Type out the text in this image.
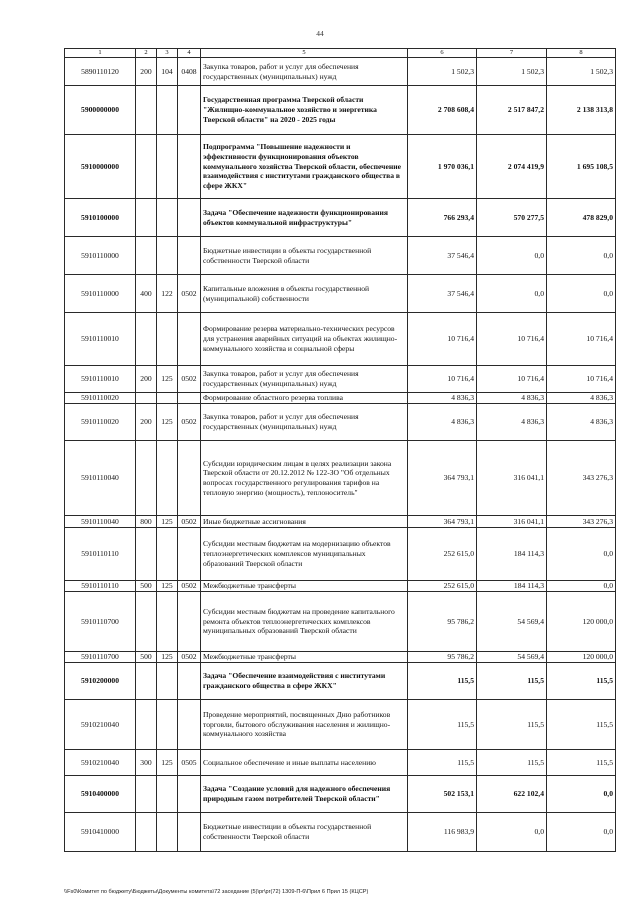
44
1	2	3	4	5	6	7	8
5890110120	200	104	0408	Закупка товаров, работ и услуг для обеспечения государственных (муниципальных) нужд	1 502,3	1 502,3	1 502,3
5900000000				Государственная программа Тверской области "Жилищно-коммунальное хозяйство и энергетика Тверской области" на 2020 - 2025 годы	2 708 608,4	2 517 847,2	2 138 313,8
5910000000				Подпрограмма "Повышение надежности и эффективности функционирования объектов коммунального хозяйства Тверской области, обеспечение взаимодействия с институтами гражданского общества в сфере ЖКХ"	1 970 036,1	2 074 419,9	1 695 108,5
5910100000				Задача "Обеспечение надежности функционирования объектов коммунальной инфраструктуры"	766 293,4	570 277,5	478 829,0
5910110000				Бюджетные инвестиции в объекты государственной собственности Тверской области	37 546,4	0,0	0,0
5910110000	400	122	0502	Капитальные вложения в объекты государственной (муниципальной) собственности	37 546,4	0,0	0,0
5910110010				Формирование резерва материально-технических ресурсов для устранения аварийных ситуаций на объектах жилищно-коммунального хозяйства и социальной сферы	10 716,4	10 716,4	10 716,4
5910110010	200	125	0502	Закупка товаров, работ и услуг для обеспечения государственных (муниципальных) нужд	10 716,4	10 716,4	10 716,4
5910110020				Формирование областного резерва топлива	4 836,3	4 836,3	4 836,3
5910110020	200	125	0502	Закупка товаров, работ и услуг для обеспечения государственных (муниципальных) нужд	4 836,3	4 836,3	4 836,3
5910110040				Субсидии юридическим лицам в целях реализации закона Тверской области от 20.12.2012 № 122-ЗО "Об отдельных вопросах государственного регулирования тарифов на тепловую энергию (мощность), теплоноситель"	364 793,1	316 041,1	343 276,3
5910110040	800	125	0502	Иные бюджетные ассигнования	364 793,1	316 041,1	343 276,3
5910110110				Субсидии местным бюджетам на модернизацию объектов теплоэнергетических комплексов муниципальных образований Тверской области	252 615,0	184 114,3	0,0
5910110110	500	125	0502	Межбюджетные трансферты	252 615,0	184 114,3	0,0
5910110700				Субсидии местным бюджетам на проведение капитального ремонта объектов теплоэнергетических комплексов муниципальных образований Тверской области	95 786,2	54 569,4	120 000,0
5910110700	500	125	0502	Межбюджетные трансферты	95 786,2	54 569,4	120 000,0
5910200000				Задача "Обеспечение взаимодействия с институтами гражданского общества в сфере ЖКХ"	115,5	115,5	115,5
5910210040				Проведение мероприятий, посвященных Дню работников торговли, бытового обслуживания населения и жилищно-коммунального хозяйства	115,5	115,5	115,5
5910210040	300	125	0505	Социальное обеспечение и иные выплаты населению	115,5	115,5	115,5
5910400000				Задача "Создание условий для надежного обеспечения природным газом потребителей Тверской области"	502 153,1	622 102,4	0,0
5910410000				Бюджетные инвестиции в объекты государственной собственности Тверской области	116 983,9	0,0	0,0
\\Fs0\Комитет по бюджету\Бюджеты\Документы комитета\72 заседание (5)\pr\pr(72) 1309-П-6\Прил 6 Прил 15 (КЦСР)
